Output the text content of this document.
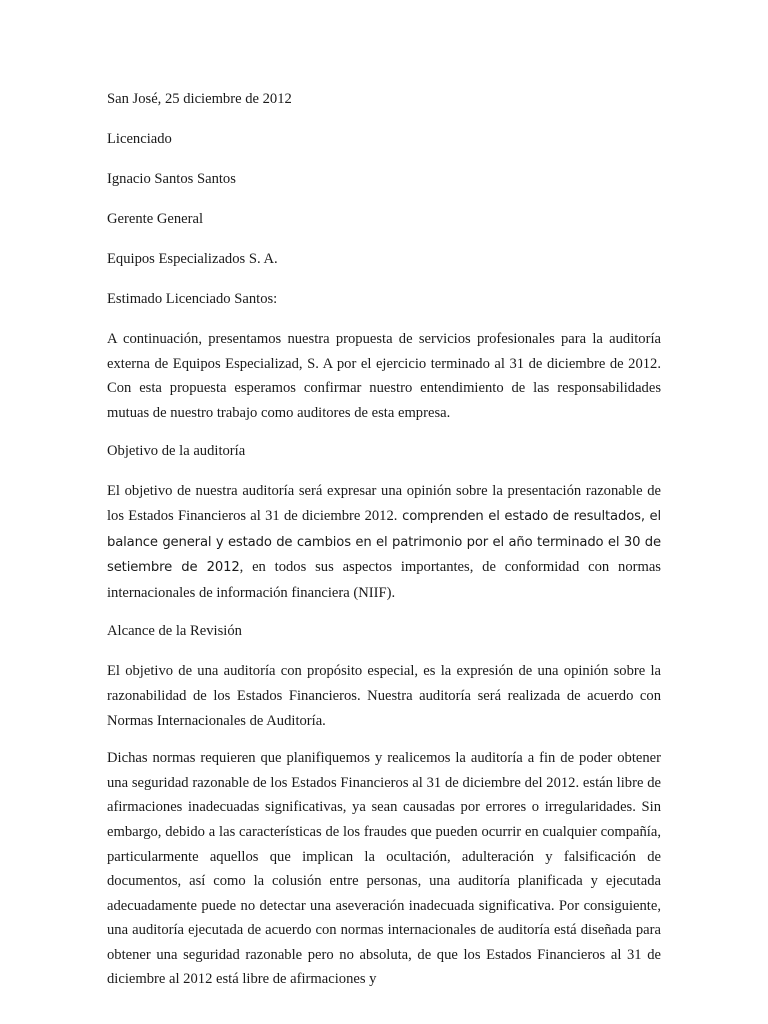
San José, 25 diciembre de 2012

Licenciado

Ignacio Santos Santos

Gerente General

Equipos Especializados S. A.

Estimado Licenciado Santos:

A continuación, presentamos nuestra propuesta de servicios profesionales para la auditoría externa de Equipos Especializad, S. A por el ejercicio terminado al 31 de diciembre de 2012. Con esta propuesta esperamos confirmar nuestro entendimiento de las responsabilidades mutuas de nuestro trabajo como auditores de esta empresa.

Objetivo de la auditoría

El objetivo de nuestra auditoría será expresar una opinión sobre la presentación razonable de los Estados Financieros al 31 de diciembre 2012. comprenden el estado de resultados, el balance general y estado de cambios en el patrimonio por el año terminado el 30 de setiembre de 2012, en todos sus aspectos importantes, de conformidad con normas internacionales de información financiera (NIIF).

Alcance de la Revisión

El objetivo de una auditoría con propósito especial, es la expresión de una opinión sobre la razonabilidad de los Estados Financieros. Nuestra auditoría será realizada de acuerdo con Normas Internacionales de Auditoría.

Dichas normas requieren que planifiquemos y realicemos la auditoría a fin de poder obtener una seguridad razonable de los Estados Financieros al 31 de diciembre del 2012. están libre de afirmaciones inadecuadas significativas, ya sean causadas por errores o irregularidades. Sin embargo, debido a las características de los fraudes que pueden ocurrir en cualquier compañía, particularmente aquellos que implican la ocultación, adulteración y falsificación de documentos, así como la colusión entre personas, una auditoría planificada y ejecutada adecuadamente puede no detectar una aseveración inadecuada significativa. Por consiguiente, una auditoría ejecutada de acuerdo con normas internacionales de auditoría está diseñada para obtener una seguridad razonable pero no absoluta, de que los Estados Financieros al 31 de diciembre al 2012 está libre de afirmaciones y
